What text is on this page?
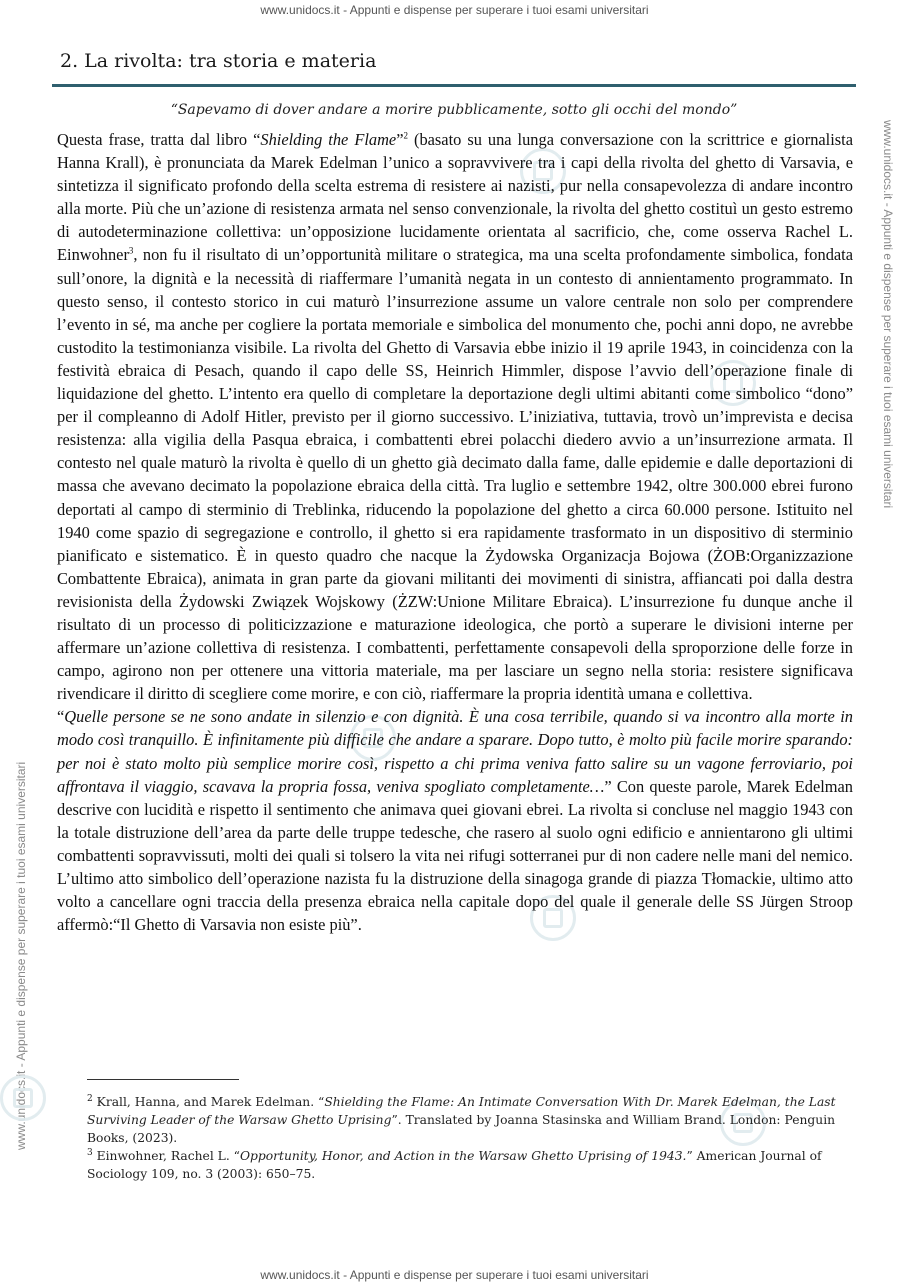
www.unidocs.it - Appunti e dispense per superare i tuoi esami universitari
www.unidocs.it - Appunti e dispense per superare i tuoi esami universitari
www.unidocs.it - Appunti e dispense per superare i tuoi esami universitari
2. La rivolta: tra storia e materia
“Sapevamo di dover andare a morire pubblicamente, sotto gli occhi del mondo”

Questa frase, tratta dal libro “Shielding the Flame”$^2$ (basato su una lunga conversazione con la scrittrice e giornalista Hanna Krall), è pronunciata da Marek Edelman l’unico a sopravvivere tra i capi della rivolta del ghetto di Varsavia, e sintetizza il significato profondo della scelta estrema di resistere ai nazisti, pur nella consapevolezza di andare incontro alla morte. Più che un’azione di resistenza armata nel senso convenzionale, la rivolta del ghetto costituì un gesto estremo di autodeterminazione collettiva: un’opposizione lucidamente orientata al sacrificio, che, come osserva Rachel L. Einwohner$^3$, non fu il risultato di un’opportunità militare o strategica, ma una scelta profondamente simbolica, fondata sull’onore, la dignità e la necessità di riaffermare l’umanità negata in un contesto di annientamento programmato. In questo senso, il contesto storico in cui maturò l’insurrezione assume un valore centrale non solo per comprendere l’evento in sé, ma anche per cogliere la portata memoriale e simbolica del monumento che, pochi anni dopo, ne avrebbe custodito la testimonianza visibile. La rivolta del Ghetto di Varsavia ebbe inizio il 19 aprile 1943, in coincidenza con la festività ebraica di Pesach, quando il capo delle SS, Heinrich Himmler, dispose l’avvio dell’operazione finale di liquidazione del ghetto. L’intento era quello di completare la deportazione degli ultimi abitanti come simbolico “dono” per il compleanno di Adolf Hitler, previsto per il giorno successivo. L’iniziativa, tuttavia, trovò un’imprevista e decisa resistenza: alla vigilia della Pasqua ebraica, i combattenti ebrei polacchi diedero avvio a un’insurrezione armata. Il contesto nel quale maturò la rivolta è quello di un ghetto già decimato dalla fame, dalle epidemie e dalle deportazioni di massa che avevano decimato la popolazione ebraica della città. Tra luglio e settembre 1942, oltre 300.000 ebrei furono deportati al campo di sterminio di Treblinka, riducendo la popolazione del ghetto a circa 60.000 persone. Istituito nel 1940 come spazio di segregazione e controllo, il ghetto si era rapidamente trasformato in un dispositivo di sterminio pianificato e sistematico. È in questo quadro che nacque la Żydowska Organizacja Bojowa (ŻOB:Organizzazione Combattente Ebraica), animata in gran parte da giovani militanti dei movimenti di sinistra, affiancati poi dalla destra revisionista della Żydowski Związek Wojskowy (ŻZW:Unione Militare Ebraica). L’insurrezione fu dunque anche il risultato di un processo di politicizzazione e maturazione ideologica, che portò a superare le divisioni interne per affermare un’azione collettiva di resistenza. I combattenti, perfettamente consapevoli della sproporzione delle forze in campo, agirono non per ottenere una vittoria materiale, ma per lasciare un segno nella storia: resistere significava rivendicare il diritto di scegliere come morire, e con ciò, riaffermare la propria identità umana e collettiva.

“Quelle persone se ne sono andate in silenzio e con dignità. È una cosa terribile, quando si va incontro alla morte in modo così tranquillo. È infinitamente più difficile che andare a sparare. Dopo tutto, è molto più facile morire sparando: per noi è stato molto più semplice morire così, rispetto a chi prima veniva fatto salire su un vagone ferroviario, poi affrontava il viaggio, scavava la propria fossa, veniva spogliato completamente…” Con queste parole, Marek Edelman descrive con lucidità e rispetto il sentimento che animava quei giovani ebrei. La rivolta si concluse nel maggio 1943 con la totale distruzione dell’area da parte delle truppe tedesche, che rasero al suolo ogni edificio e annientarono gli ultimi combattenti sopravvissuti, molti dei quali si tolsero la vita nei rifugi sotterranei pur di non cadere nelle mani del nemico. L’ultimo atto simbolico dell’operazione nazista fu la distruzione della sinagoga grande di piazza Tłomackie, ultimo atto volto a cancellare ogni traccia della presenza ebraica nella capitale dopo del quale il generale delle SS Jürgen Stroop affermò:“Il Ghetto di Varsavia non esiste più”.

$^2$ Krall, Hanna, and Marek Edelman. “Shielding the Flame: An Intimate Conversation With Dr. Marek Edelman, the Last Surviving Leader of the Warsaw Ghetto Uprising”. Translated by Joanna Stasinska and William Brand. London: Penguin Books, (2023).

$^3$ Einwohner, Rachel L. “Opportunity, Honor, and Action in the Warsaw Ghetto Uprising of 1943.” American Journal of Sociology 109, no. 3 (2003): 650–75.

www.unidocs.it - Appunti e dispense per superare i tuoi esami universitari
